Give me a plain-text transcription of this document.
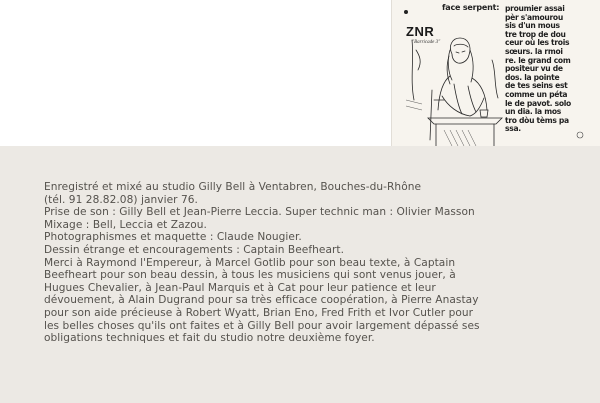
ZNR
"Barricade 3"
face serpent: proumier assai
pèr s'amourou
sis d'un mous
tre trop de dou
ceur où les trois
sœurs. la rmoi
re. le grand com
positeur vu de
dos. la pointe
de tes seins est
comme un péta
le de pavot. solo
un dia. la mos
tro dòu tèms pa
ssa.
Enregistré et mixé au studio Gilly Bell à Ventabren, Bouches-du-Rhône
(tél. 91 28.82.08) janvier 76.
Prise de son : Gilly Bell et Jean-Pierre Leccia. Super technic man : Olivier Masson
Mixage : Bell, Leccia et Zazou.
Photographismes et maquette : Claude Nougier.
Dessin étrange et encouragements : Captain Beefheart.
Merci à Raymond l'Empereur, à Marcel Gotlib pour son beau texte, à Captain
Beefheart pour son beau dessin, à tous les musiciens qui sont venus jouer, à
Hugues Chevalier, à Jean-Paul Marquis et à Cat pour leur patience et leur
dévouement, à Alain Dugrand pour sa très efficace coopération, à Pierre Anastay
pour son aide précieuse à Robert Wyatt, Brian Eno, Fred Frith et Ivor Cutler pour
les belles choses qu'ils ont faites et à Gilly Bell pour avoir largement dépassé ses
obligations techniques et fait du studio notre deuxième foyer.
